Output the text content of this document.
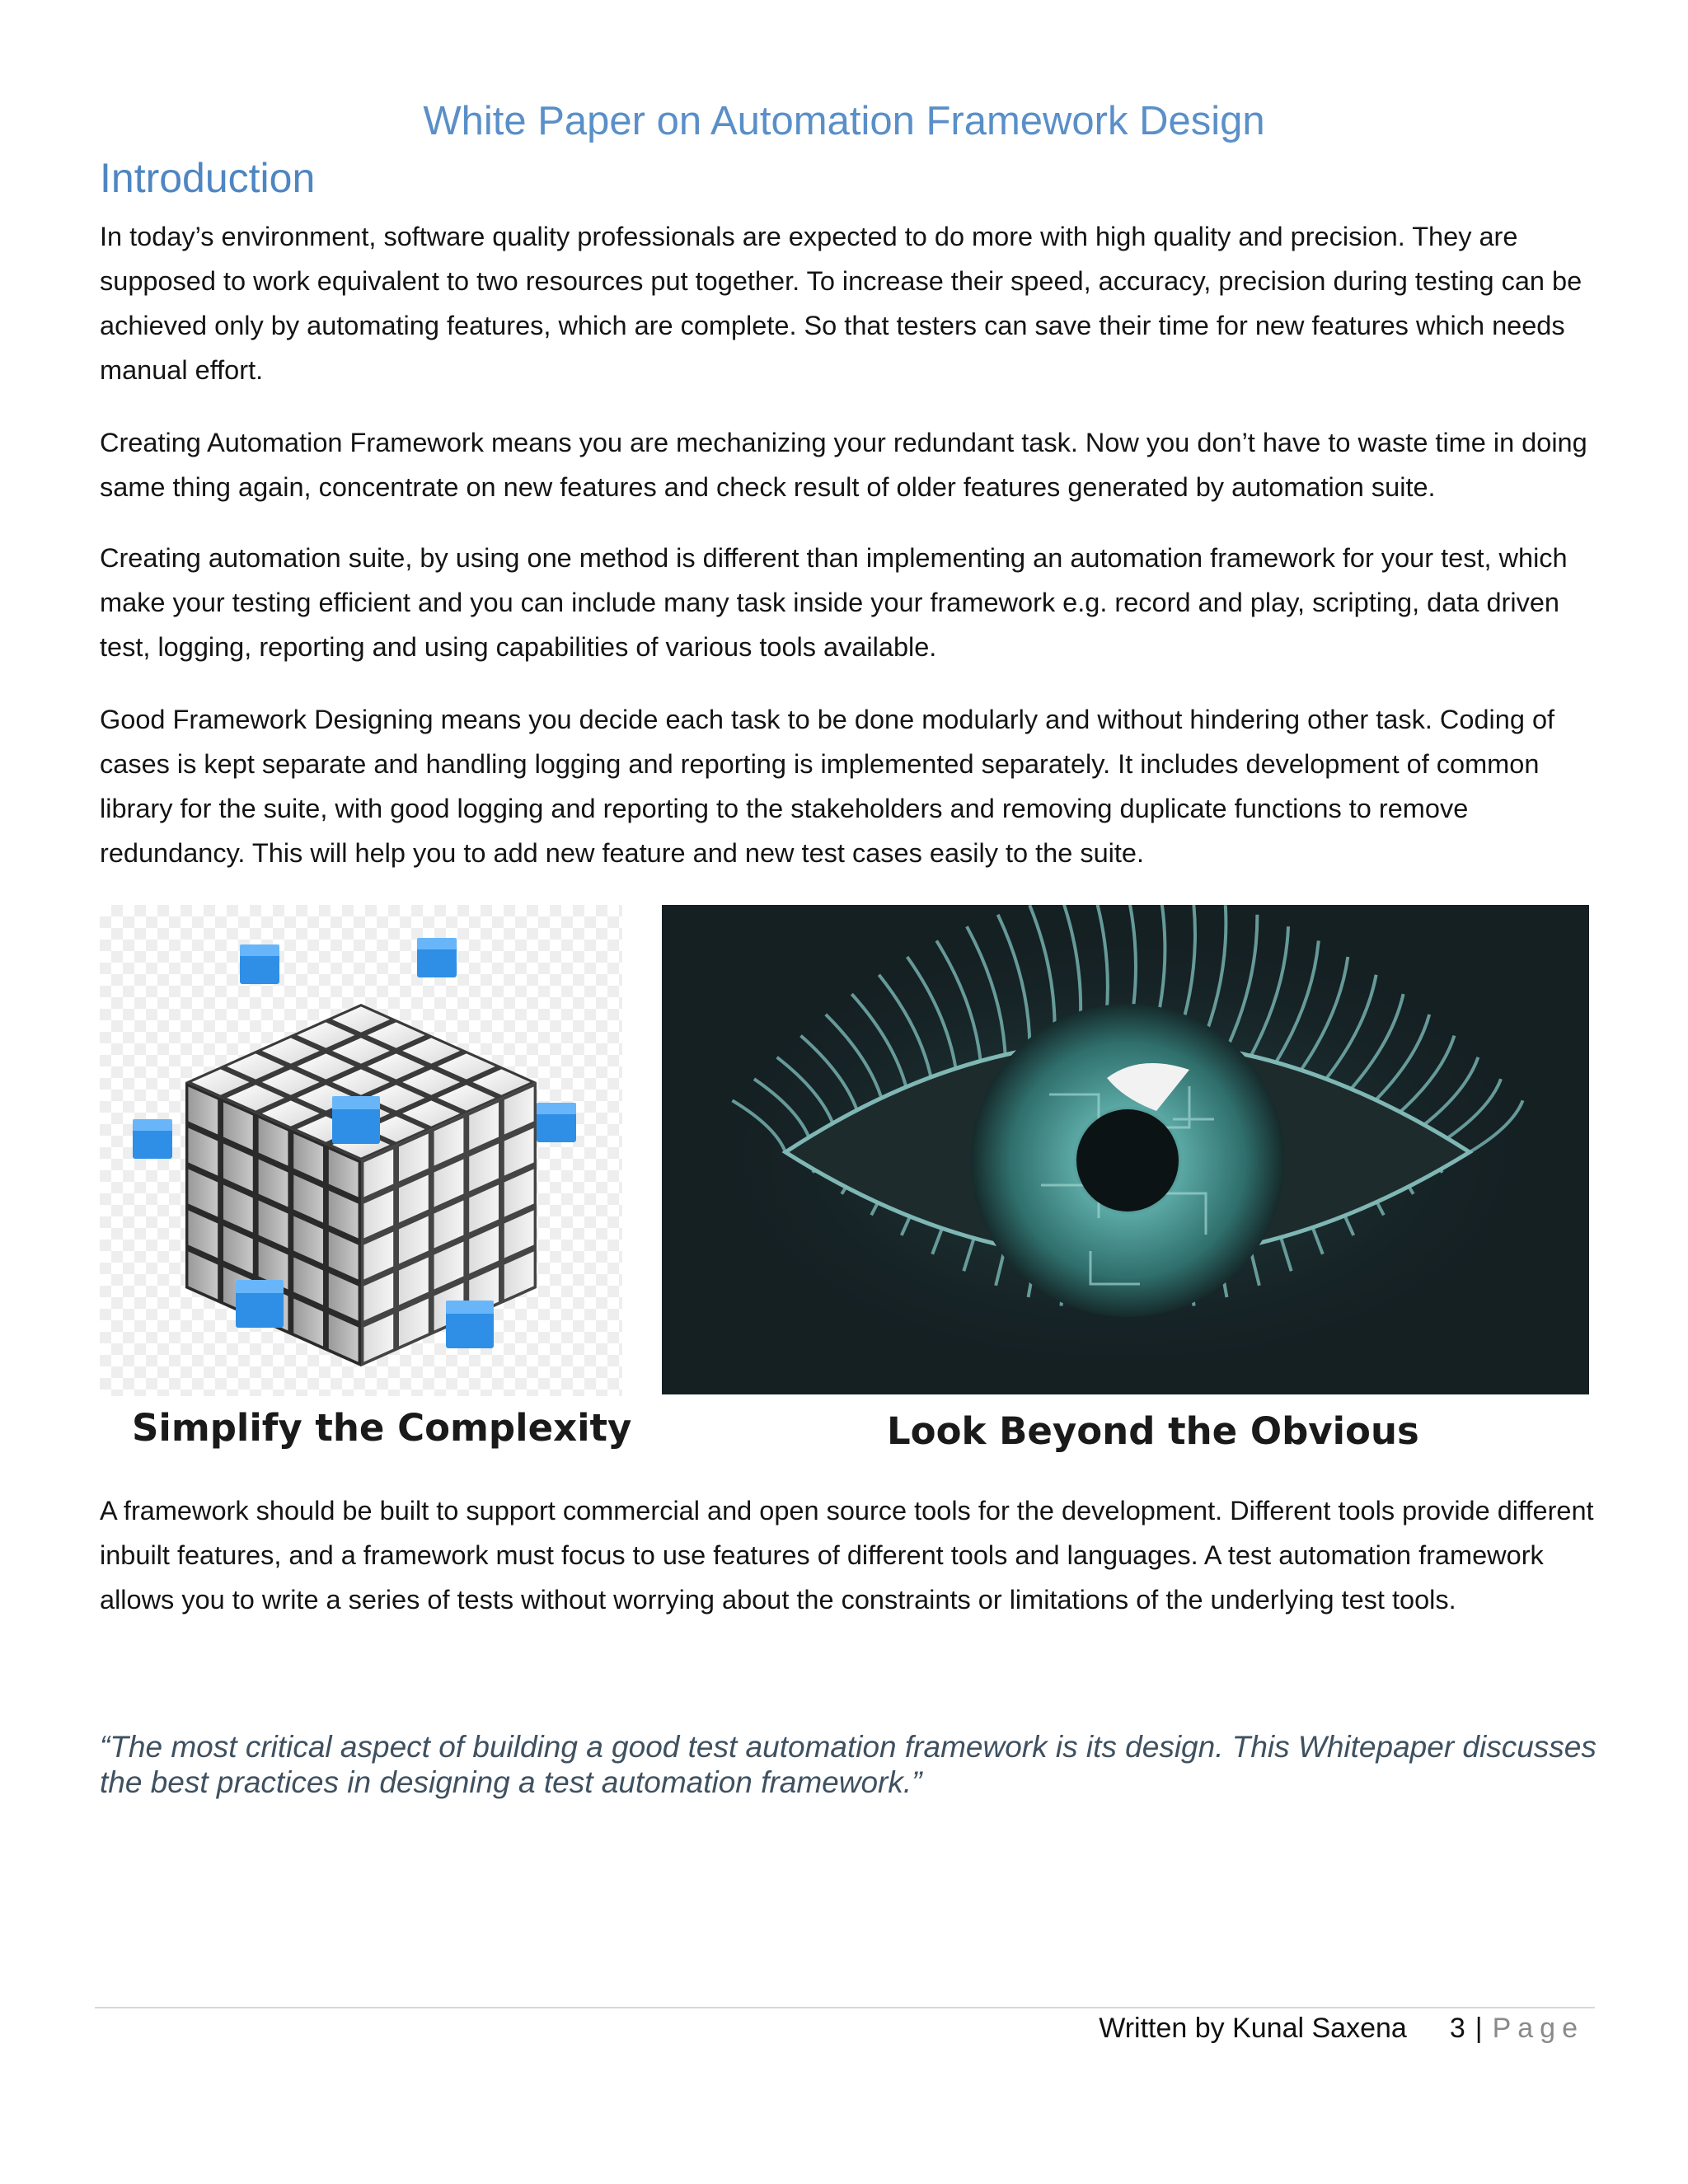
White Paper on Automation Framework Design
Introduction

In today’s environment, software quality professionals are expected to do more with high quality and precision. They are supposed to work equivalent to two resources put together. To increase their speed, accuracy, precision during testing can be achieved only by automating features, which are complete. So that testers can save their time for new features which needs manual effort.

Creating Automation Framework means you are mechanizing your redundant task. Now you don’t have to waste time in doing same thing again, concentrate on new features and check result of older features generated by automation suite.

Creating automation suite, by using one method is different than implementing an automation framework for your test, which make your testing efficient and you can include many task inside your framework e.g. record and play, scripting, data driven test, logging, reporting and using capabilities of various tools available.

Good Framework Designing means you decide each task to be done modularly and without hindering other task. Coding of cases is kept separate and handling logging and reporting is implemented separately. It includes development of common library for the suite, with good logging and reporting to the stakeholders and removing duplicate functions to remove redundancy. This will help you to add new feature and new test cases easily to the suite.

Simplify the Complexity	Look Beyond the Obvious

A framework should be built to support commercial and open source tools for the development. Different tools provide different inbuilt features, and a framework must focus to use features of different tools and languages. A test automation framework allows you to write a series of tests without worrying about the constraints or limitations of the underlying test tools.

“The most critical aspect of building a good test automation framework is its design. This Whitepaper discusses the best practices in designing a test automation framework.”

Written by Kunal Saxena 3 | Page
